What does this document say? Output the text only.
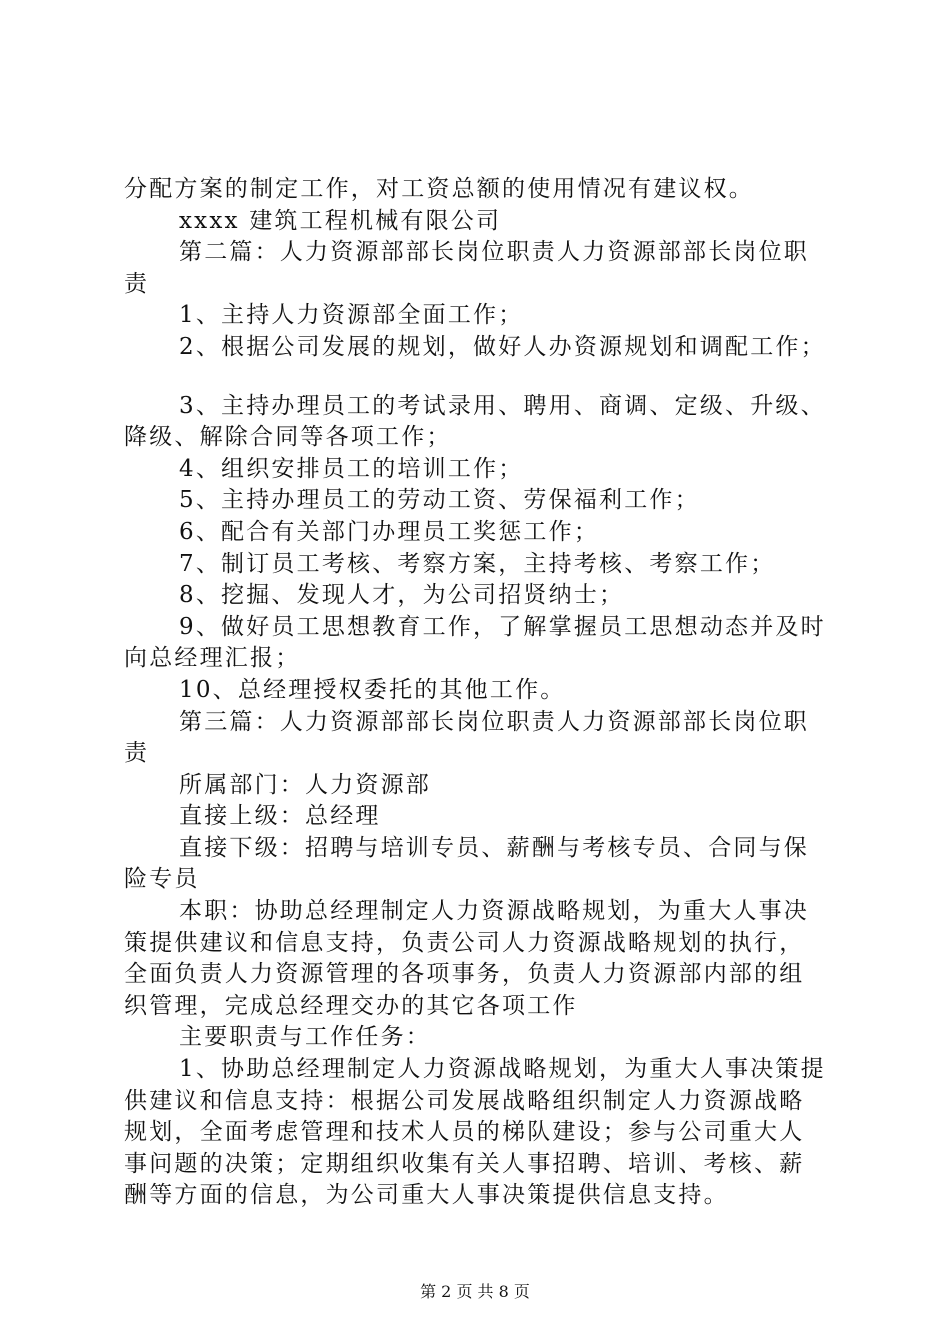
分配方案的制定工作，对工资总额的使用情况有建议权。
xxxx 建筑工程机械有限公司
第二篇：人力资源部部长岗位职责人力资源部部长岗位职
责
1、主持人力资源部全面工作；
2、根据公司发展的规划，做好人办资源规划和调配工作；
3、主持办理员工的考试录用、聘用、商调、定级、升级、
降级、解除合同等各项工作；
4、组织安排员工的培训工作；
5、主持办理员工的劳动工资、劳保福利工作；
6、配合有关部门办理员工奖惩工作；
7、制订员工考核、考察方案，主持考核、考察工作；
8、挖掘、发现人才，为公司招贤纳士；
9、做好员工思想教育工作，了解掌握员工思想动态并及时
向总经理汇报；
10、总经理授权委托的其他工作。
第三篇：人力资源部部长岗位职责人力资源部部长岗位职
责
所属部门：人力资源部
直接上级：总经理
直接下级：招聘与培训专员、薪酬与考核专员、合同与保
险专员
本职：协助总经理制定人力资源战略规划，为重大人事决
策提供建议和信息支持，负责公司人力资源战略规划的执行，
全面负责人力资源管理的各项事务，负责人力资源部内部的组
织管理，完成总经理交办的其它各项工作
主要职责与工作任务：
1、协助总经理制定人力资源战略规划，为重大人事决策提
供建议和信息支持：根据公司发展战略组织制定人力资源战略
规划，全面考虑管理和技术人员的梯队建设；参与公司重大人
事问题的决策；定期组织收集有关人事招聘、培训、考核、薪
酬等方面的信息，为公司重大人事决策提供信息支持。
第 2 页 共 8 页
